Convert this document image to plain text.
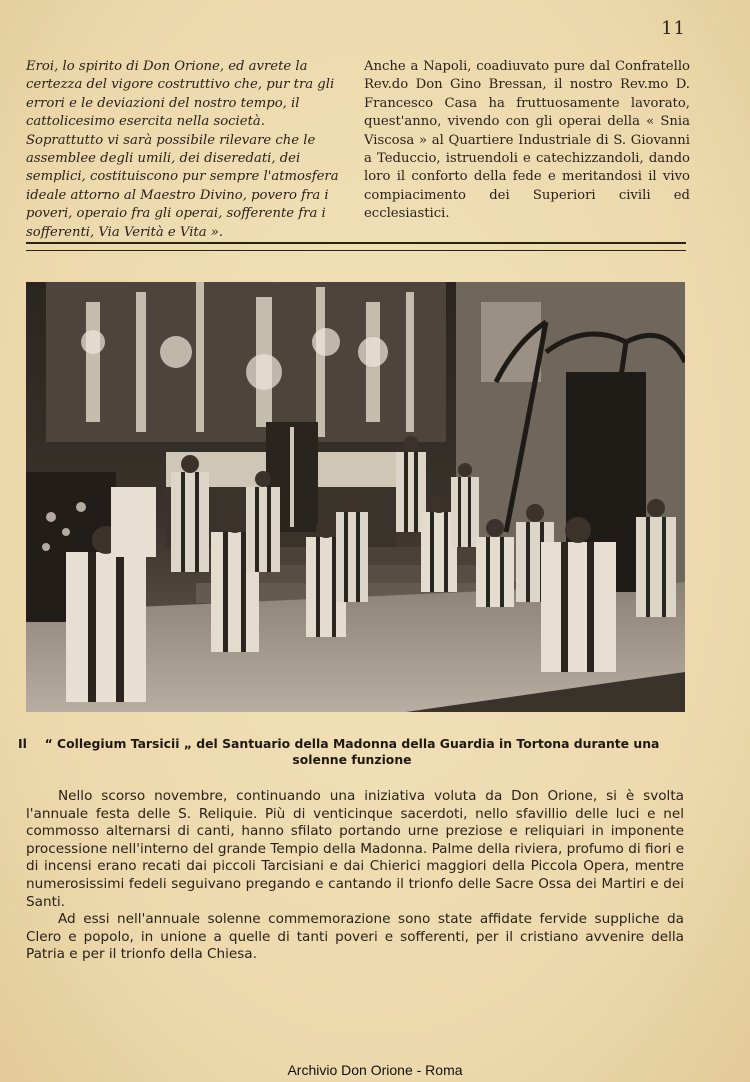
11

Eroi, lo spirito di Don Orione, ed avrete la certezza del vigore costruttivo che, pur tra gli errori e le deviazioni del nostro tempo, il cattolicesimo esercita nella società. Soprattutto vi sarà possibile rilevare che le assemblee degli umili, dei diseredati, dei semplici, costituiscono pur sempre l'atmosfera ideale attorno al Maestro Divino, povero fra i poveri, operaio fra gli operai, sofferente fra i sofferenti, Via Verità e Vita ».

Anche a Napoli, coadiuvato pure dal Confratello Rev.do Don Gino Bressan, il nostro Rev.mo D. Francesco Casa ha fruttuosamente lavorato, quest'anno, vivendo con gli operai della « Snia Viscosa » al Quartiere Industriale di S. Giovanni a Teduccio, istruendoli e catechizzandoli, dando loro il conforto della fede e meritandosi il vivo compiacimento dei Superiori civili ed ecclesiastici.

Il “ Collegium Tarsicii „ del Santuario della Madonna della Guardia in Tortona durante una solenne funzione

Nello scorso novembre, continuando una iniziativa voluta da Don Orione, si è svolta l'annuale festa delle S. Reliquie. Più di venticinque sacerdoti, nello sfavillio delle luci e nel commosso alternarsi di canti, hanno sfilato portando urne preziose e reliquiari in imponente processione nell'interno del grande Tempio della Madonna. Palme della riviera, profumo di fiori e di incensi erano recati dai piccoli Tarcisiani e dai Chierici maggiori della Piccola Opera, mentre numerosissimi fedeli seguivano pregando e cantando il trionfo delle Sacre Ossa dei Martiri e dei Santi.

Ad essi nell'annuale solenne commemorazione sono state affidate fervide suppliche da Clero e popolo, in unione a quelle di tanti poveri e sofferenti, per il cristiano avvenire della Patria e per il trionfo della Chiesa.

Archivio Don Orione - Roma
